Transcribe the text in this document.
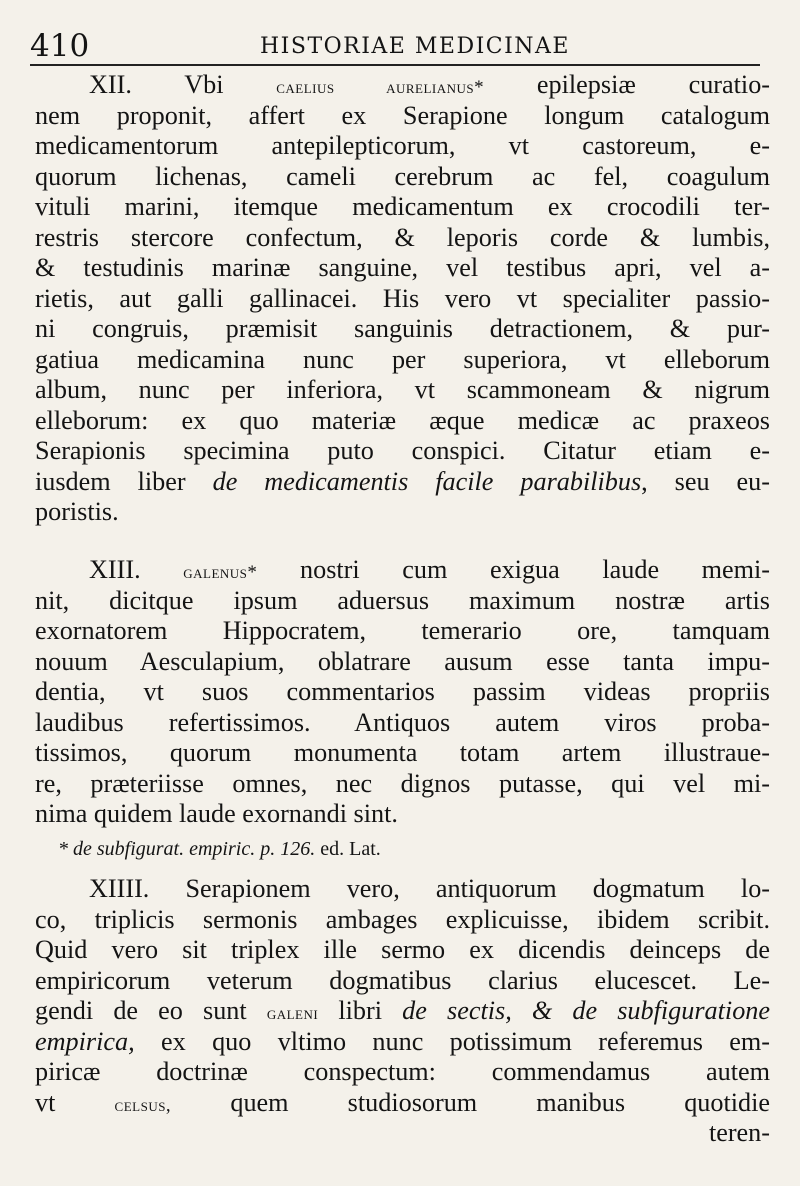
410	HISTORIAE MEDICINAE
XII. Vbi	caelius aurelianus* epilepsiæ curatio-
nem proponit, affert ex Serapione longum catalogum
medicamentorum antepilepticorum, vt castoreum, e-
quorum lichenas, cameli cerebrum ac fel, coagulum
vituli marini, itemque medicamentum ex crocodili ter-
restris stercore confectum, & leporis corde & lumbis,
& testudinis marinæ sanguine, vel testibus apri, vel a-
rietis, aut galli gallinacei. His vero vt specialiter passio-
ni congruis, præmisit sanguinis detractionem, & pur-
gatiua medicamina nunc per superiora, vt elleborum
album, nunc per inferiora, vt scammoneam & nigrum
elleborum: ex quo materiæ æque medicæ ac praxeos
Serapionis specimina puto conspici. Citatur etiam e-
iusdem liber de medicamentis facile parabilibus, seu eu-
poristis.
XIII. galenus* nostri cum exigua laude memi-
nit, dicitque ipsum aduersus maximum nostræ artis
exornatorem Hippocratem, temerario ore, tamquam
nouum Aesculapium, oblatrare ausum esse tanta impu-
dentia, vt suos commentarios passim videas propriis
laudibus refertissimos. Antiquos autem viros proba-
tissimos, quorum monumenta totam artem illustraue-
re, præteriisse omnes, nec dignos putasse, qui vel mi-
nima quidem laude exornandi sint.
* de subfigurat. empiric. p. 126. ed. Lat.
XIIII. Serapionem vero, antiquorum dogmatum lo-
co, triplicis sermonis ambages explicuisse, ibidem scribit.
Quid vero sit triplex ille sermo ex dicendis deinceps de
empiricorum veterum dogmatibus clarius elucescet. Le-
gendi de eo sunt galeni libri de sectis, & de subfiguratione
empirica, ex quo vltimo nunc potissimum referemus em-
piricæ doctrinæ conspectum: commendamus autem
vt	celsus, quem studiosorum manibus quotidie
teren-
